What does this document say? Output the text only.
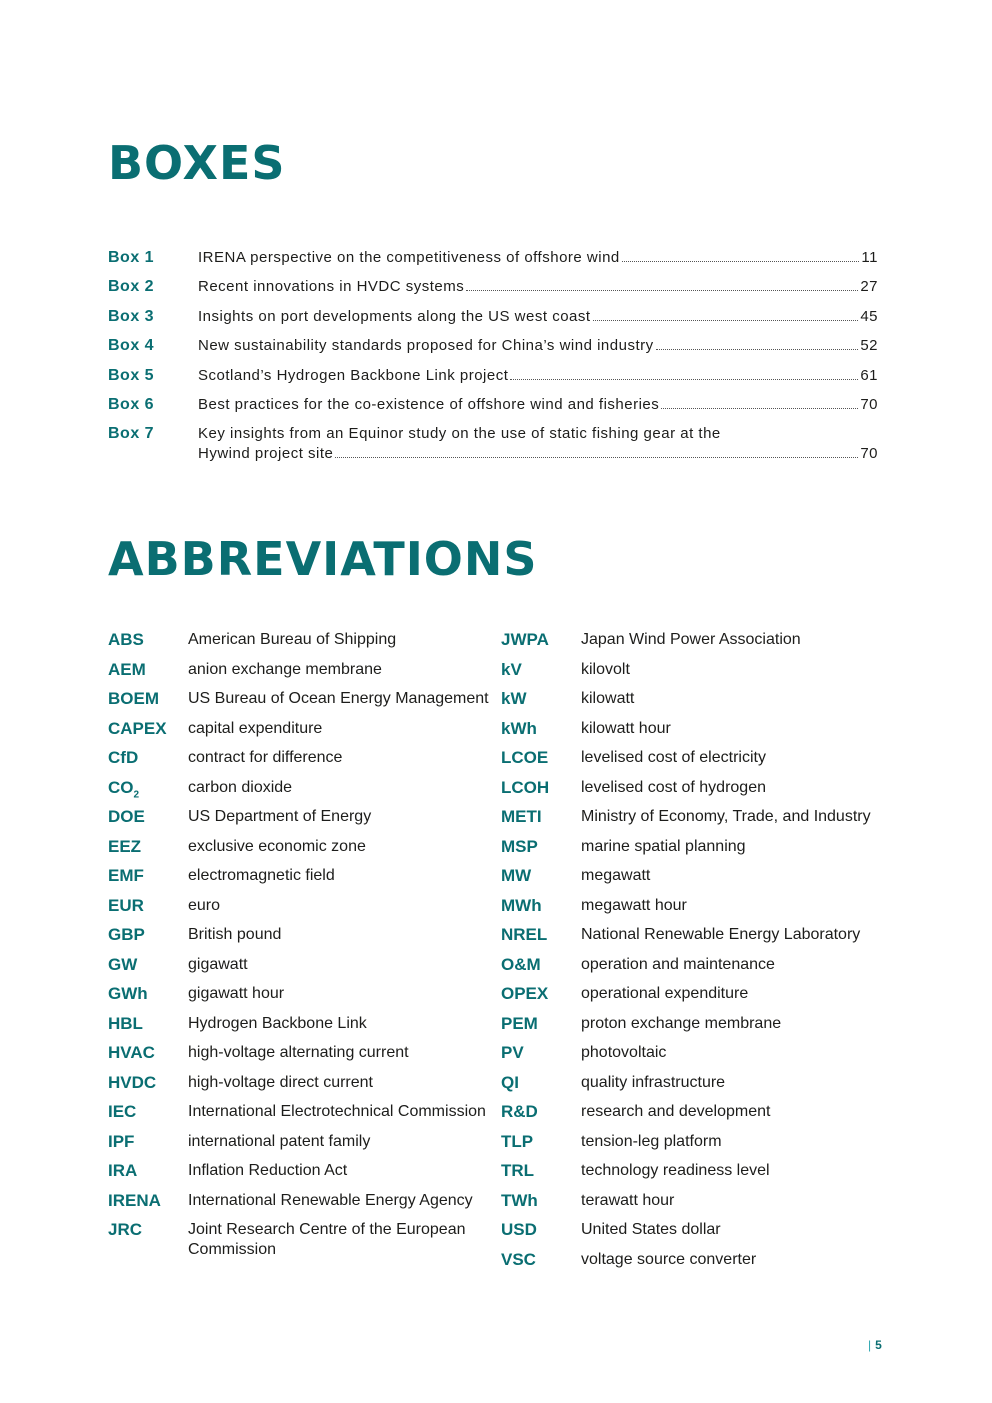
BOXES
Box 1	IRENA perspective on the competitiveness of offshore wind	11
Box 2	Recent innovations in HVDC systems	27
Box 3	Insights on port developments along the US west coast	45
Box 4	New sustainability standards proposed for China’s wind industry	52
Box 5	Scotland’s Hydrogen Backbone Link project	61
Box 6	Best practices for the co-existence of offshore wind and fisheries	70
Box 7	Key insights from an Equinor study on the use of static fishing gear at the
Hywind project site	70
ABBREVIATIONS
ABS	American Bureau of Shipping
AEM	anion exchange membrane
BOEM	US Bureau of Ocean Energy Management
CAPEX	capital expenditure
CfD	contract for difference
$CO_2$	carbon dioxide
DOE	US Department of Energy
EEZ	exclusive economic zone
EMF	electromagnetic field
EUR	euro
GBP	British pound
GW	gigawatt
GWh	gigawatt hour
HBL	Hydrogen Backbone Link
HVAC	high-voltage alternating current
HVDC	high-voltage direct current
IEC	International Electrotechnical Commission
IPF	international patent family
IRA	Inflation Reduction Act
IRENA	International Renewable Energy Agency
JRC	Joint Research Centre of the European Commission
JWPA	Japan Wind Power Association
kV	kilovolt
kW	kilowatt
kWh	kilowatt hour
LCOE	levelised cost of electricity
LCOH	levelised cost of hydrogen
METI	Ministry of Economy, Trade, and Industry
MSP	marine spatial planning
MW	megawatt
MWh	megawatt hour
NREL	National Renewable Energy Laboratory
O&M	operation and maintenance
OPEX	operational expenditure
PEM	proton exchange membrane
PV	photovoltaic
QI	quality infrastructure
R&D	research and development
TLP	tension-leg platform
TRL	technology readiness level
TWh	terawatt hour
USD	United States dollar
VSC	voltage source converter
| 5
